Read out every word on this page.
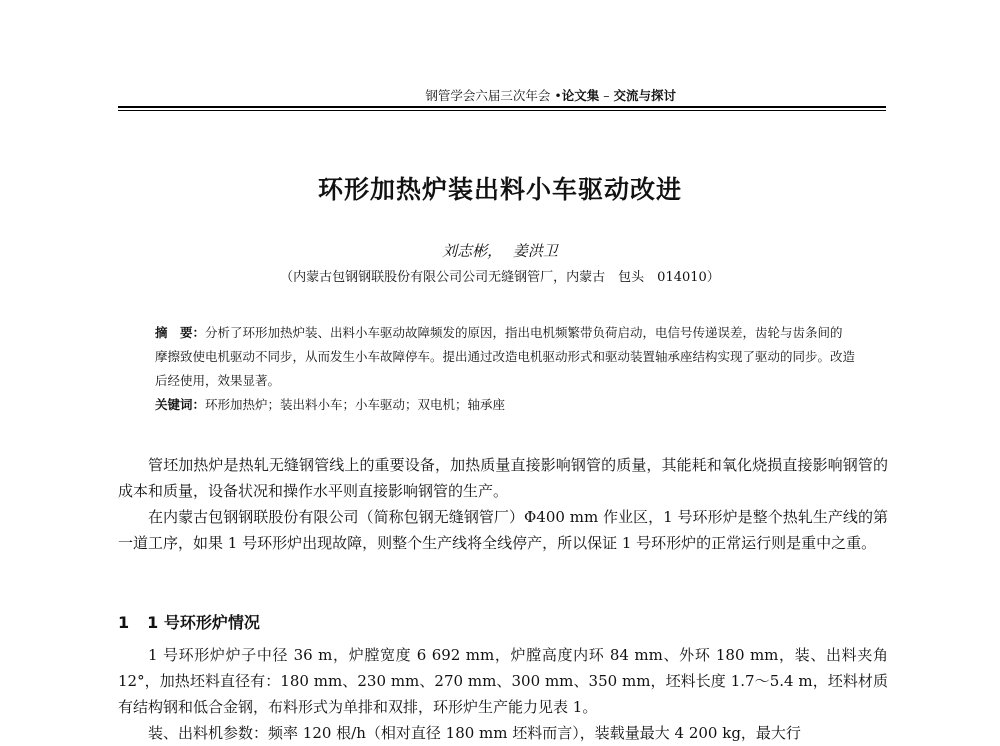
钢管学会六届三次年会 •论文集 – 交流与探讨
环形加热炉装出料小车驱动改进
刘志彬， 姜洪卫
（内蒙古包钢钢联股份有限公司公司无缝钢管厂，内蒙古　包头　014010）

摘　要：分析了环形加热炉装、出料小车驱动故障频发的原因，指出电机频繁带负荷启动，电信号传递误差，齿轮与齿条间的摩擦致使电机驱动不同步，从而发生小车故障停车。提出通过改造电机驱动形式和驱动装置轴承座结构实现了驱动的同步。改造后经使用，效果显著。

关键词：环形加热炉；装出料小车；小车驱动；双电机；轴承座

管坯加热炉是热轧无缝钢管线上的重要设备，加热质量直接影响钢管的质量，其能耗和氧化烧损直接影响钢管的成本和质量，设备状况和操作水平则直接影响钢管的生产。

在内蒙古包钢钢联股份有限公司（简称包钢无缝钢管厂）Φ400 mm 作业区，1 号环形炉是整个热轧生产线的第一道工序，如果 1 号环形炉出现故障，则整个生产线将全线停产，所以保证 1 号环形炉的正常运行则是重中之重。

1 1 号环形炉情况

1 号环形炉炉子中径 36 m，炉膛宽度 6 692 mm，炉膛高度内环 84 mm、外环 180 mm，装、出料夹角 12°，加热坯料直径有：180 mm、230 mm、270 mm、300 mm、350 mm，坯料长度 1.7～5.4 m，坯料材质有结构钢和低合金钢，布料形式为单排和双排，环形炉生产能力见表 1。

装、出料机参数：频率 120 根/h（相对直径 180 mm 坯料而言），装载量最大 4 200 kg，最大行
